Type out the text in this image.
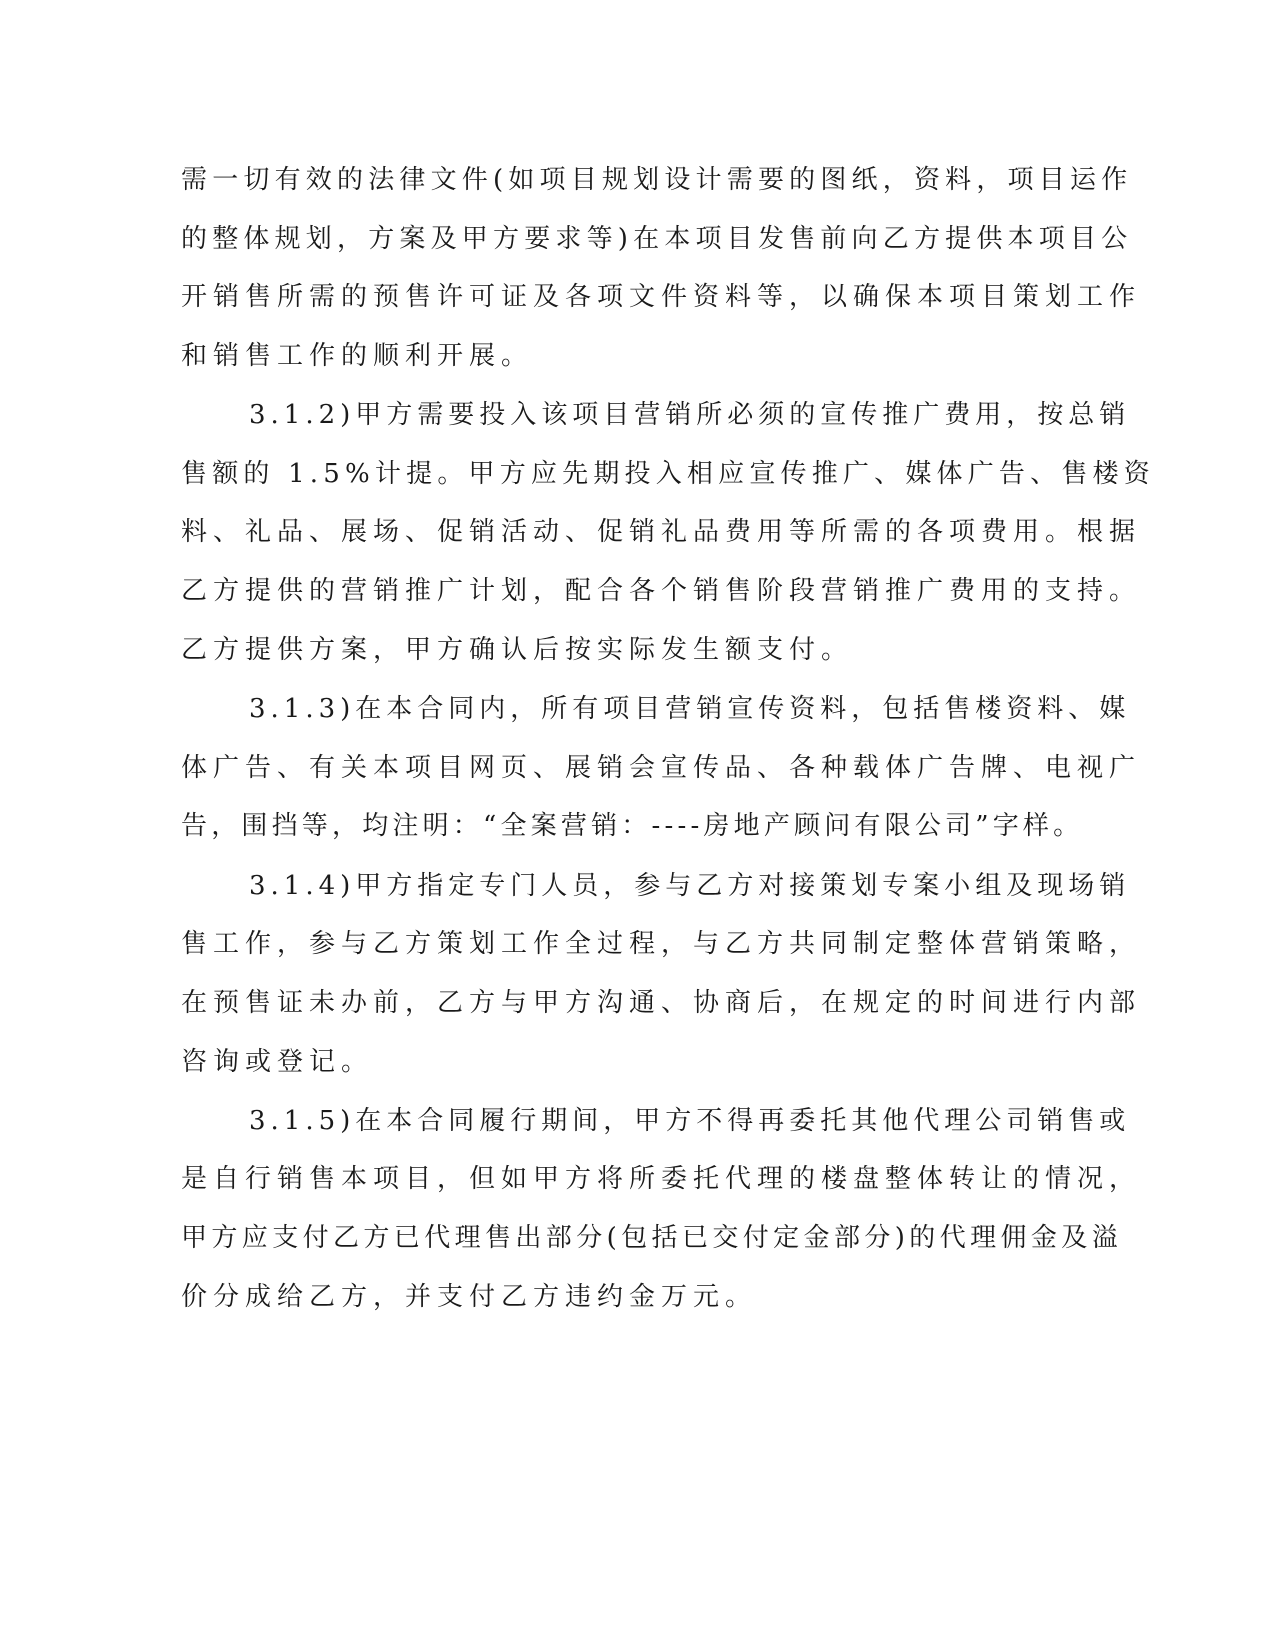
需一切有效的法律文件(如项目规划设计需要的图纸，资料，项目运作
的整体规划，方案及甲方要求等)在本项目发售前向乙方提供本项目公
开销售所需的预售许可证及各项文件资料等，以确保本项目策划工作
和销售工作的顺利开展。
3.1.2)甲方需要投入该项目营销所必须的宣传推广费用，按总销
售额的 1.5%计提。甲方应先期投入相应宣传推广、媒体广告、售楼资
料、礼品、展场、促销活动、促销礼品费用等所需的各项费用。根据
乙方提供的营销推广计划，配合各个销售阶段营销推广费用的支持。
乙方提供方案，甲方确认后按实际发生额支付。
3.1.3)在本合同内，所有项目营销宣传资料，包括售楼资料、媒
体广告、有关本项目网页、展销会宣传品、各种载体广告牌、电视广
告，围挡等，均注明：“全案营销：----房地产顾问有限公司”字样。
3.1.4)甲方指定专门人员，参与乙方对接策划专案小组及现场销
售工作，参与乙方策划工作全过程，与乙方共同制定整体营销策略，
在预售证未办前，乙方与甲方沟通、协商后，在规定的时间进行内部
咨询或登记。
3.1.5)在本合同履行期间，甲方不得再委托其他代理公司销售或
是自行销售本项目，但如甲方将所委托代理的楼盘整体转让的情况，
甲方应支付乙方已代理售出部分(包括已交付定金部分)的代理佣金及溢
价分成给乙方，并支付乙方违约金万元。
